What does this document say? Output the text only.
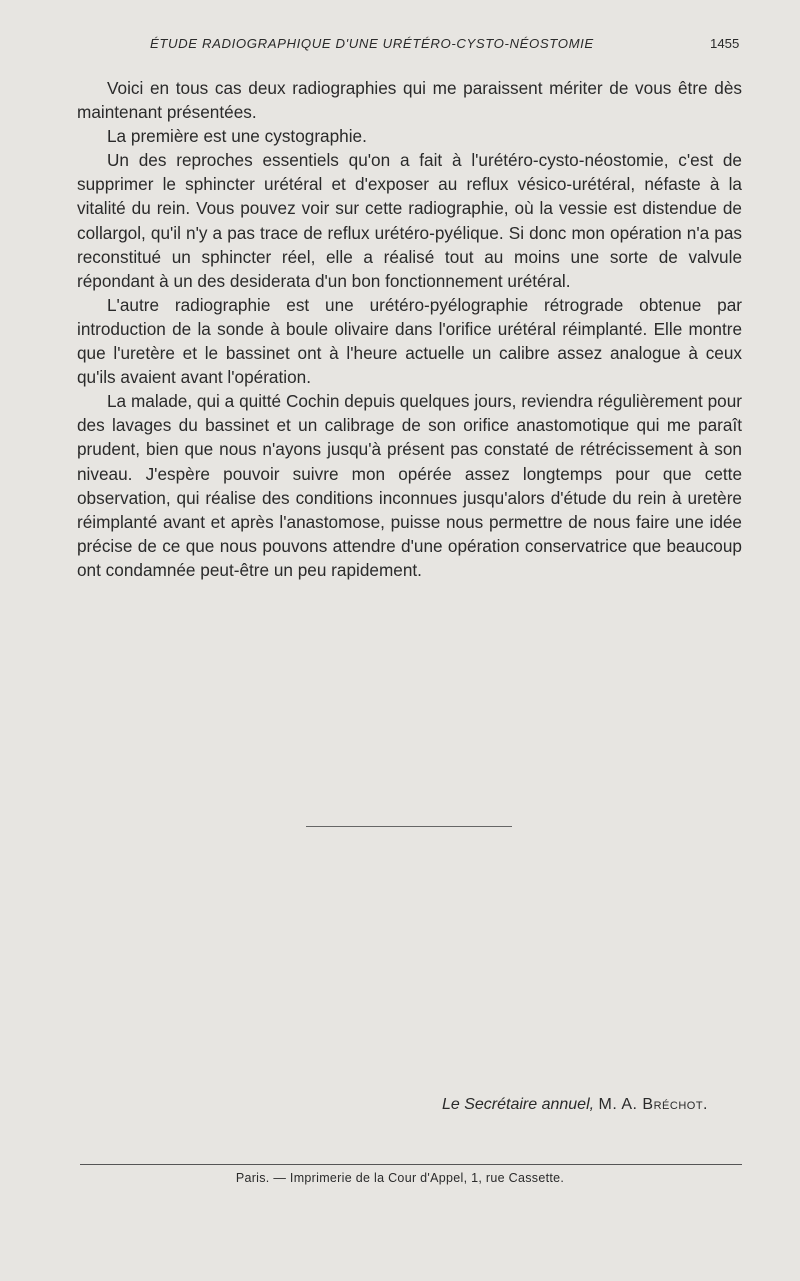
ÉTUDE RADIOGRAPHIQUE D'UNE URÉTÉRO-CYSTO-NÉOSTOMIE	1455

Voici en tous cas deux radiographies qui me paraissent mériter de vous être dès maintenant présentées.

La première est une cystographie.

Un des reproches essentiels qu'on a fait à l'urétéro-cysto-néostomie, c'est de supprimer le sphincter urétéral et d'exposer au reflux vésico-urétéral, néfaste à la vitalité du rein. Vous pouvez voir sur cette radiographie, où la vessie est distendue de collargol, qu'il n'y a pas trace de reflux urétéro-pyélique. Si donc mon opération n'a pas reconstitué un sphincter réel, elle a réalisé tout au moins une sorte de valvule répondant à un des desiderata d'un bon fonctionnement urétéral.

L'autre radiographie est une urétéro-pyélographie rétrograde obtenue par introduction de la sonde à boule olivaire dans l'orifice urétéral réimplanté. Elle montre que l'uretère et le bassinet ont à l'heure actuelle un calibre assez analogue à ceux qu'ils avaient avant l'opération.

La malade, qui a quitté Cochin depuis quelques jours, reviendra régulièrement pour des lavages du bassinet et un calibrage de son orifice anastomotique qui me paraît prudent, bien que nous n'ayons jusqu'à présent pas constaté de rétrécissement à son niveau. J'espère pouvoir suivre mon opérée assez longtemps pour que cette observation, qui réalise des conditions inconnues jusqu'alors d'étude du rein à uretère réimplanté avant et après l'anastomose, puisse nous permettre de nous faire une idée précise de ce que nous pouvons attendre d'une opération conservatrice que beaucoup ont condamnée peut-être un peu rapidement.

Le Secrétaire annuel, M. A. Bréchot.
Paris. — Imprimerie de la Cour d'Appel, 1, rue Cassette.
